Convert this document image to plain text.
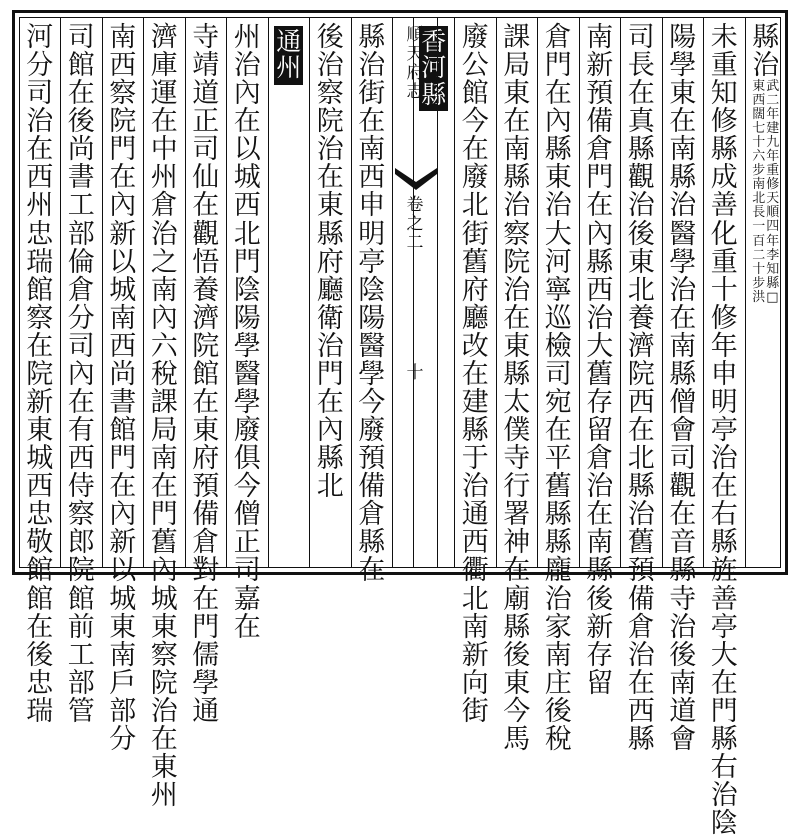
縣
治
武
二
東
西
年
建
闊
七
九
年
十
六
重
修
步
南
天
順
北
長
四
年
一
百
李
知
二
十
縣
□
步
洪
未
重
知
修
縣
成
善
化
重
十
修
年
申
明
亭
治
在
右
縣
旌
善
亭
大
在
門
縣
右
治
陰
陽
學
東
在
南
縣
治
醫
學
治
在
南
縣
僧
會
司
觀
在
音
縣
寺
治
後
南
道
會
司
長
在
真
縣
觀
治
後
東
北
養
濟
院
西
在
北
縣
治
舊
預
備
倉
治
在
西
縣
南
新
預
備
倉
門
在
內
縣
西
治
大
舊
存
留
倉
治
在
南
縣
後
新
存
留
倉
門
在
內
縣
東
治
大
河
寧
巡
檢
司
宛
在
平
舊
縣
縣
龐
治
家
南
庄
後
稅
課
局
東
在
南
縣
治
察
院
治
在
東
縣
太
僕
寺
行
署
神
在
廟
縣
後
東
今
馬
廢
公
館
今
在
廢
北
街
舊
府
廳
改
在
建
縣
于
治
通
西
衢
北
南
新
向
街
香
河
縣
順
天
府
志
卷
之
二
十
縣
治
街
在
南
西
申
明
亭
陰
陽
醫
學
今
廢
預
備
倉
縣
在
後
治
察
院
治
在
東
縣
府
廳
衛
治
門
在
內
縣
北
通
州
州
治
內
在
以
城
西
北
門
陰
陽
學
醫
學
廢
俱
今
僧
正
司
嘉
在
寺
靖
道
正
司
仙
在
觀
悟
養
濟
院
館
在
東
府
預
備
倉
對
在
門
儒
學
通
濟
庫
運
在
中
州
倉
治
之
南
內
六
稅
課
局
南
在
門
舊
內
城
東
察
院
治
在
東
州
南
西
察
院
門
在
內
新
以
城
南
西
尚
書
館
門
在
內
新
以
城
東
南
戶
部
分
司
館
在
後
尚
書
工
部
倫
倉
分
司
內
在
有
西
侍
察
郎
院
館
前
工
部
管
河
分
司
治
在
西
州
忠
瑞
館
察
在
院
新
東
城
西
忠
敬
館
館
在
後
忠
瑞
